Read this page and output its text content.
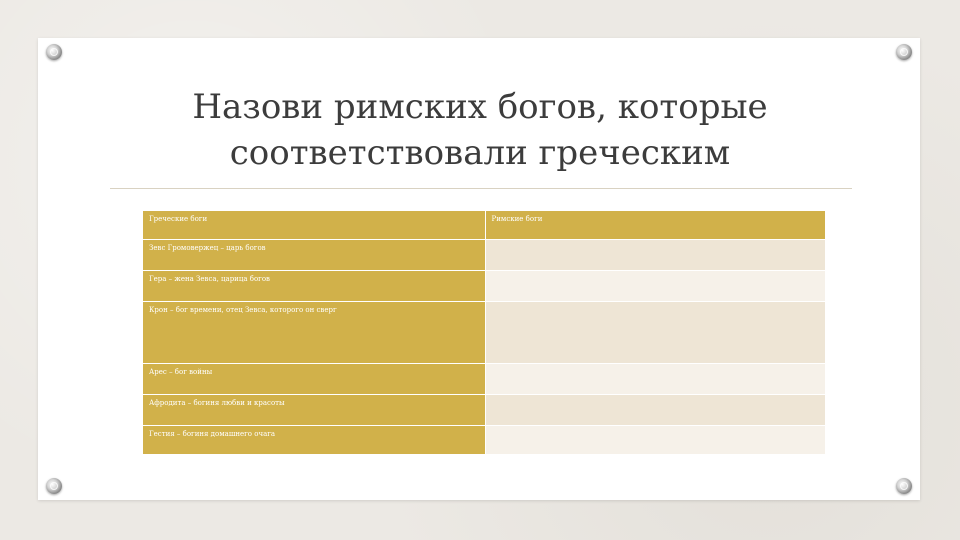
Назови римских богов, которые
соответствовали греческим
Греческие боги	Римские боги
Зевс Громовержец – царь богов	
Гера – жена Зевса, царица богов	
Крон – бог времени, отец Зевса, которого он сверг	
Арес – бог войны	
Афродита – богиня любви и красоты	
Гестия – богиня домашнего очага	
